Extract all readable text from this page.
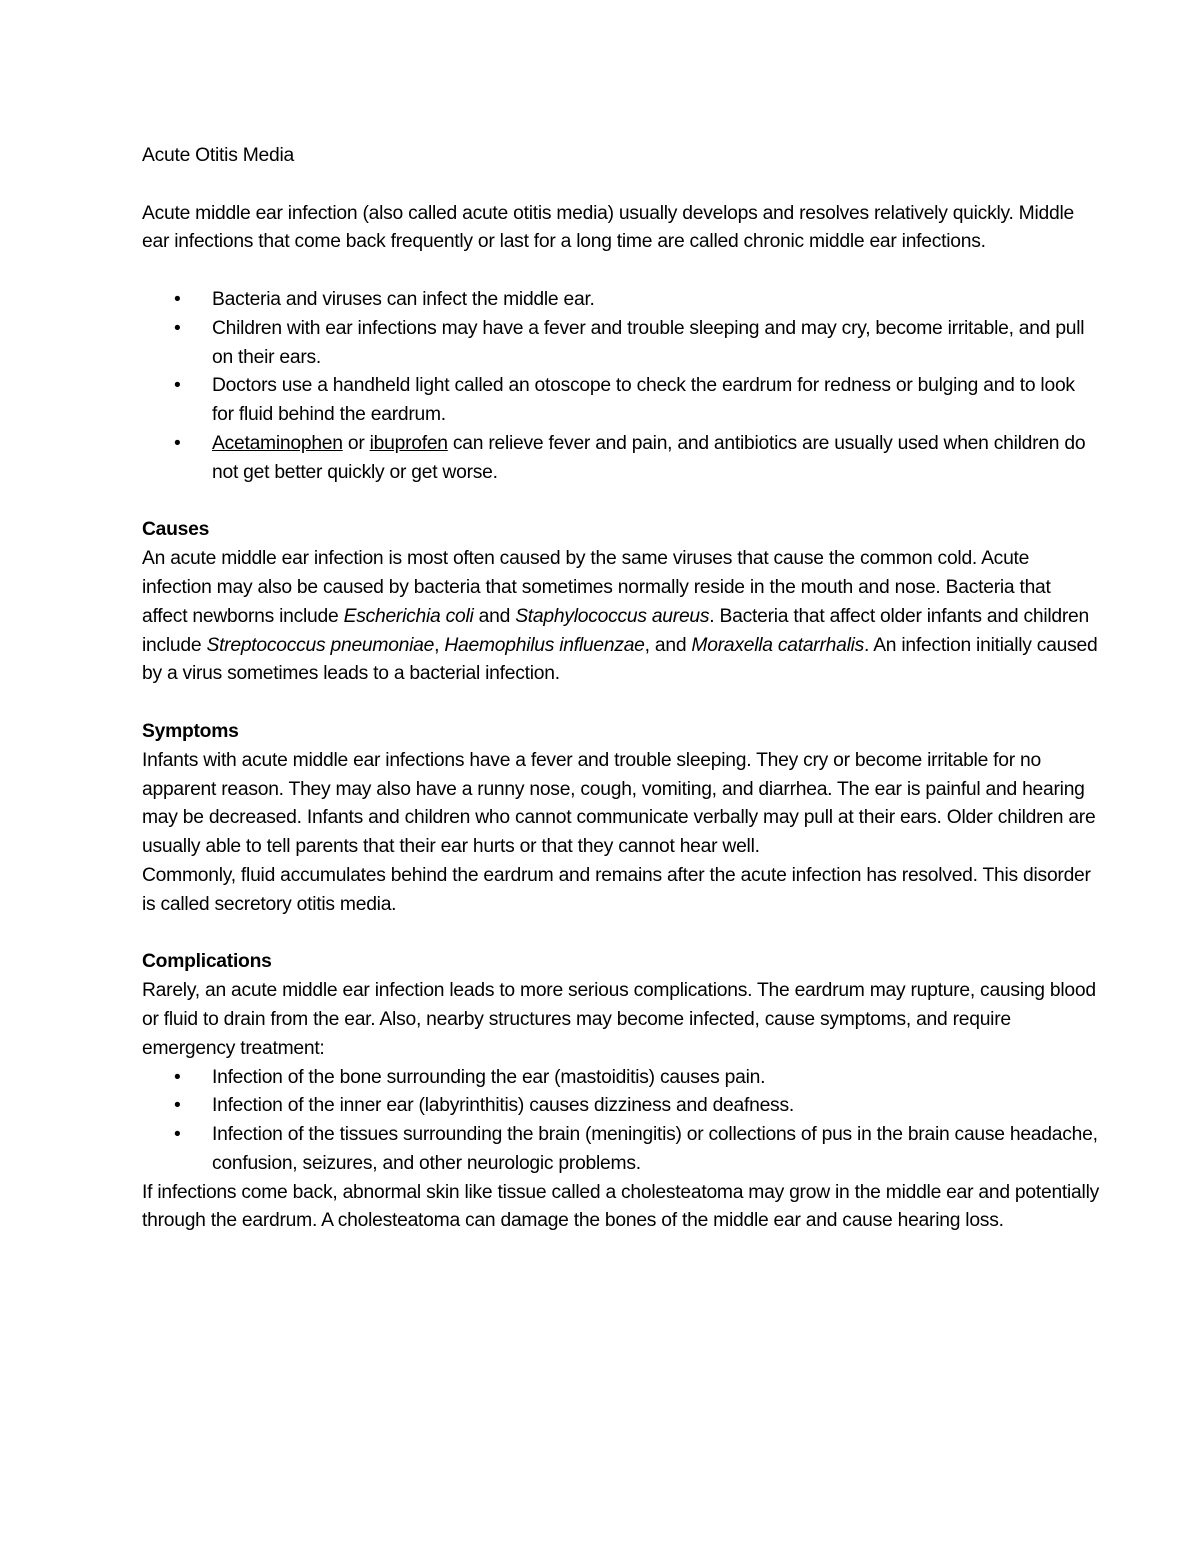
Acute Otitis Media

Acute middle ear infection (also called acute otitis media) usually develops and resolves relatively quickly. Middle ear infections that come back frequently or last for a long time are called chronic middle ear infections.

• Bacteria and viruses can infect the middle ear.
• Children with ear infections may have a fever and trouble sleeping and may cry, become irritable, and pull on their ears.
• Doctors use a handheld light called an otoscope to check the eardrum for redness or bulging and to look for fluid behind the eardrum.
• Acetaminophen or ibuprofen can relieve fever and pain, and antibiotics are usually used when children do not get better quickly or get worse.
Causes

An acute middle ear infection is most often caused by the same viruses that cause the common cold. Acute infection may also be caused by bacteria that sometimes normally reside in the mouth and nose. Bacteria that affect newborns include Escherichia coli and Staphylococcus aureus. Bacteria that affect older infants and children include Streptococcus pneumoniae, Haemophilus influenzae, and Moraxella catarrhalis. An infection initially caused by a virus sometimes leads to a bacterial infection.

Symptoms

Infants with acute middle ear infections have a fever and trouble sleeping. They cry or become irritable for no apparent reason. They may also have a runny nose, cough, vomiting, and diarrhea. The ear is painful and hearing may be decreased. Infants and children who cannot communicate verbally may pull at their ears. Older children are usually able to tell parents that their ear hurts or that they cannot hear well.

Commonly, fluid accumulates behind the eardrum and remains after the acute infection has resolved. This disorder is called secretory otitis media.

Complications

Rarely, an acute middle ear infection leads to more serious complications. The eardrum may rupture, causing blood or fluid to drain from the ear. Also, nearby structures may become infected, cause symptoms, and require emergency treatment:

• Infection of the bone surrounding the ear (mastoiditis) causes pain.
• Infection of the inner ear (labyrinthitis) causes dizziness and deafness.
• Infection of the tissues surrounding the brain (meningitis) or collections of pus in the brain cause headache, confusion, seizures, and other neurologic problems.

If infections come back, abnormal skin like tissue called a cholesteatoma may grow in the middle ear and potentially through the eardrum. A cholesteatoma can damage the bones of the middle ear and cause hearing loss.
